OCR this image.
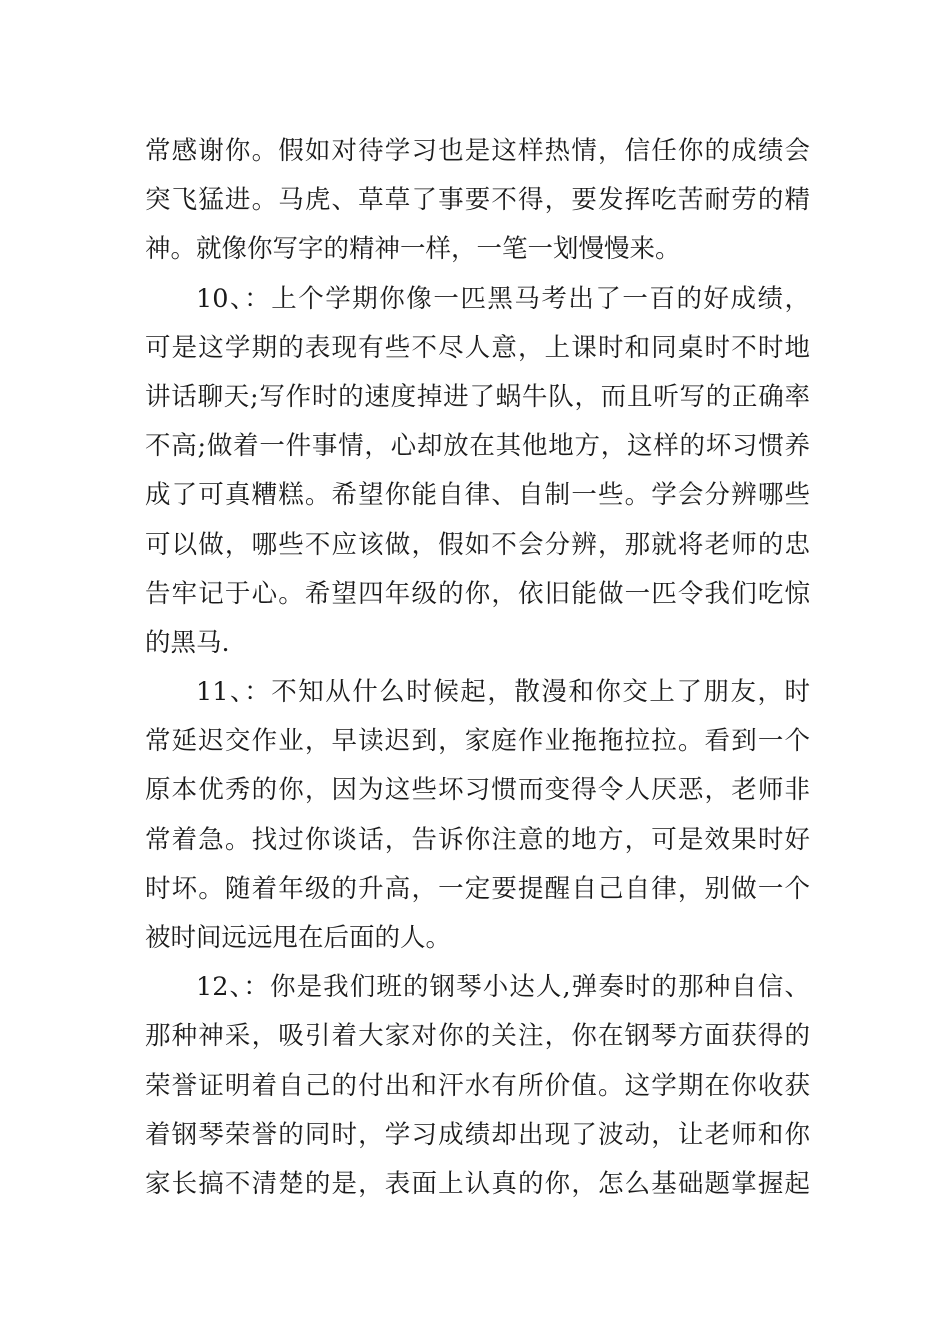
常感谢你。假如对待学习也是这样热情，信任你的成绩会
突飞猛进。马虎、草草了事要不得，要发挥吃苦耐劳的精
神。就像你写字的精神一样，一笔一划慢慢来。
10、：上个学期你像一匹黑马考出了一百的好成绩，
可是这学期的表现有些不尽人意，上课时和同桌时不时地
讲话聊天;写作时的速度掉进了蜗牛队，而且听写的正确率
不高;做着一件事情，心却放在其他地方，这样的坏习惯养
成了可真糟糕。希望你能自律、自制一些。学会分辨哪些
可以做，哪些不应该做，假如不会分辨，那就将老师的忠
告牢记于心。希望四年级的你，依旧能做一匹令我们吃惊
的黑马.
11、：不知从什么时候起，散漫和你交上了朋友，时
常延迟交作业，早读迟到，家庭作业拖拖拉拉。看到一个
原本优秀的你，因为这些坏习惯而变得令人厌恶，老师非
常着急。找过你谈话，告诉你注意的地方，可是效果时好
时坏。随着年级的升高，一定要提醒自己自律，别做一个
被时间远远甩在后面的人。
12、：你是我们班的钢琴小达人,弹奏时的那种自信、
那种神采，吸引着大家对你的关注，你在钢琴方面获得的
荣誉证明着自己的付出和汗水有所价值。这学期在你收获
着钢琴荣誉的同时，学习成绩却出现了波动，让老师和你
家长搞不清楚的是，表面上认真的你，怎么基础题掌握起
